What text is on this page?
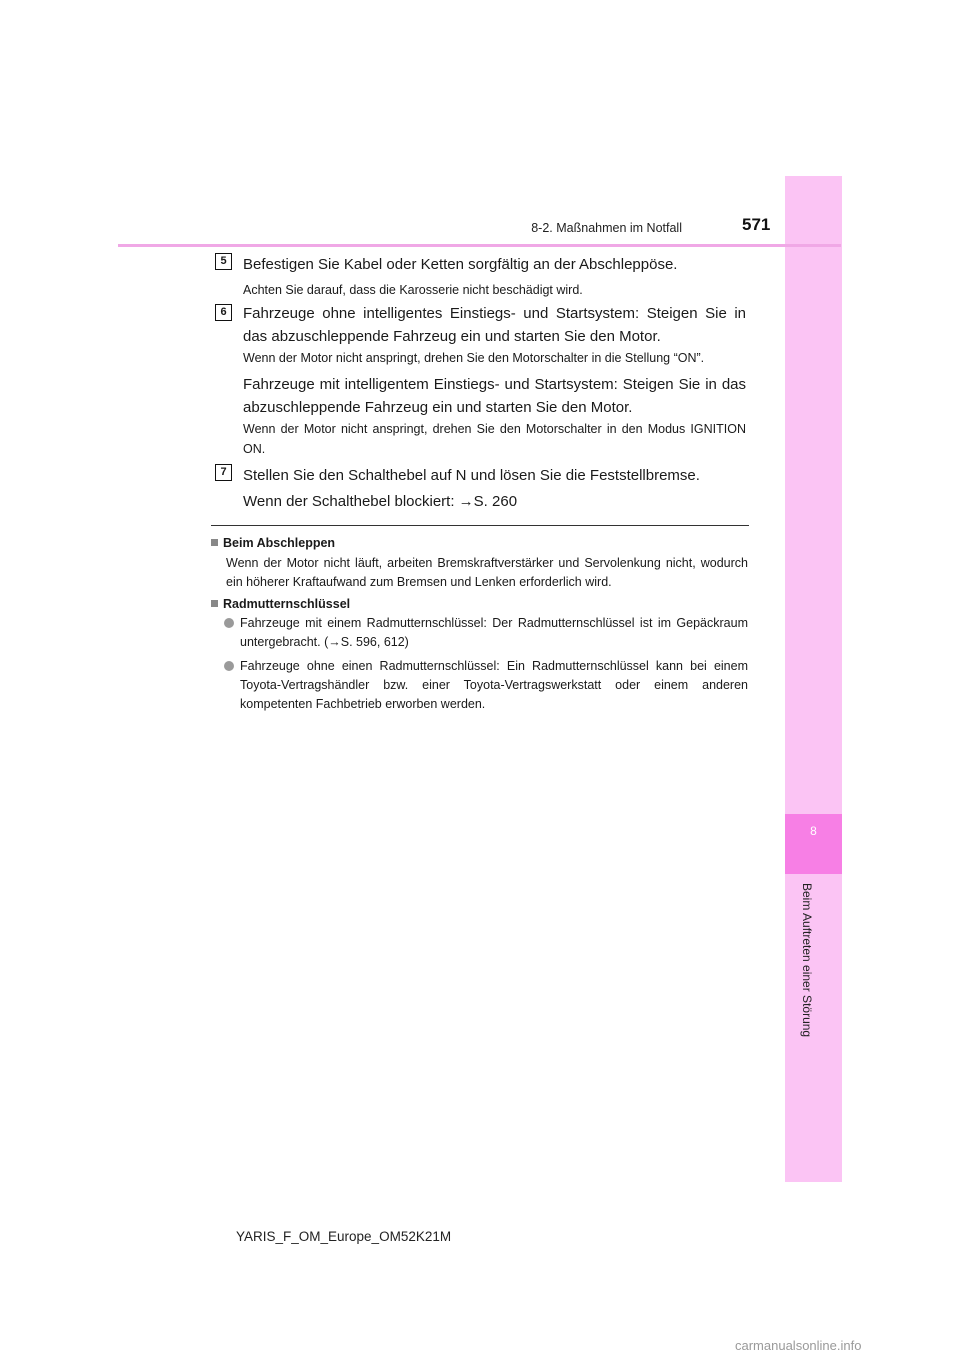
8
Beim Auftreten einer Störung
8-2. Maßnahmen im Notfall	571
5	Befestigen Sie Kabel oder Ketten sorgfältig an der Abschleppöse.
Achten Sie darauf, dass die Karosserie nicht beschädigt wird.
6	Fahrzeuge ohne intelligentes Einstiegs- und Startsystem: Steigen Sie in das abzuschleppende Fahrzeug ein und starten Sie den Motor.
Wenn der Motor nicht anspringt, drehen Sie den Motorschalter in die Stellung “ON”.
Fahrzeuge mit intelligentem Einstiegs- und Startsystem: Steigen Sie in das abzuschleppende Fahrzeug ein und starten Sie den Motor.
Wenn der Motor nicht anspringt, drehen Sie den Motorschalter in den Modus IGNITION ON.
7	Stellen Sie den Schalthebel auf N und lösen Sie die Feststellbremse.
Wenn der Schalthebel blockiert: →S. 260
Beim Abschleppen
Wenn der Motor nicht läuft, arbeiten Bremskraftverstärker und Servolenkung nicht, wodurch ein höherer Kraftaufwand zum Bremsen und Lenken erforderlich wird.
Radmutternschlüssel
Fahrzeuge mit einem Radmutternschlüssel: Der Radmutternschlüssel ist im Gepäckraum untergebracht. (→S. 596, 612)
Fahrzeuge ohne einen Radmutternschlüssel: Ein Radmutternschlüssel kann bei einem Toyota-Vertragshändler bzw. einer Toyota-Vertragswerkstatt oder einem anderen kompetenten Fachbetrieb erworben werden.
YARIS_F_OM_Europe_OM52K21M
carmanualsonline.info
